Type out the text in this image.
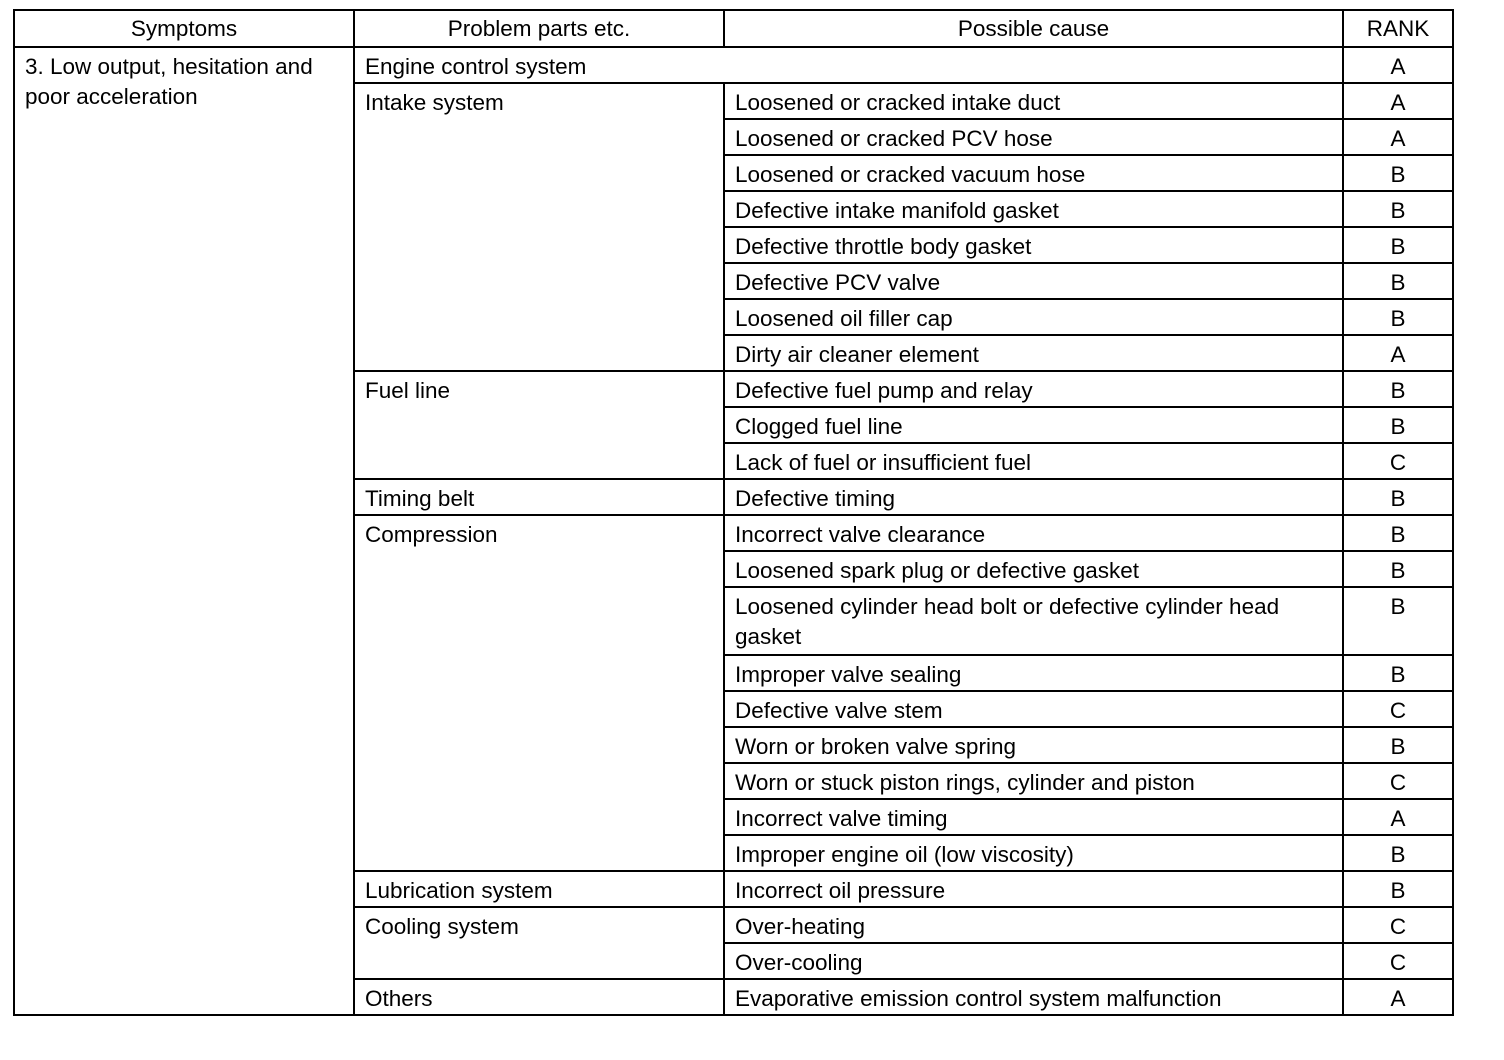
Symptoms	Problem parts etc.	Possible cause	RANK
3. Low output, hesitation and poor acceleration	Engine control system		A
	Intake system	Loosened or cracked intake duct	A
		Loosened or cracked PCV hose	A
		Loosened or cracked vacuum hose	B
		Defective intake manifold gasket	B
		Defective throttle body gasket	B
		Defective PCV valve	B
		Loosened oil filler cap	B
		Dirty air cleaner element	A
	Fuel line	Defective fuel pump and relay	B
		Clogged fuel line	B
		Lack of fuel or insufficient fuel	C
	Timing belt	Defective timing	B
	Compression	Incorrect valve clearance	B
		Loosened spark plug or defective gasket	B
		Loosened cylinder head bolt or defective cylinder head gasket	B
		Improper valve sealing	B
		Defective valve stem	C
		Worn or broken valve spring	B
		Worn or stuck piston rings, cylinder and piston	C
		Incorrect valve timing	A
		Improper engine oil (low viscosity)	B
	Lubrication system	Incorrect oil pressure	B
	Cooling system	Over-heating	C
		Over-cooling	C
	Others	Evaporative emission control system malfunction	A
